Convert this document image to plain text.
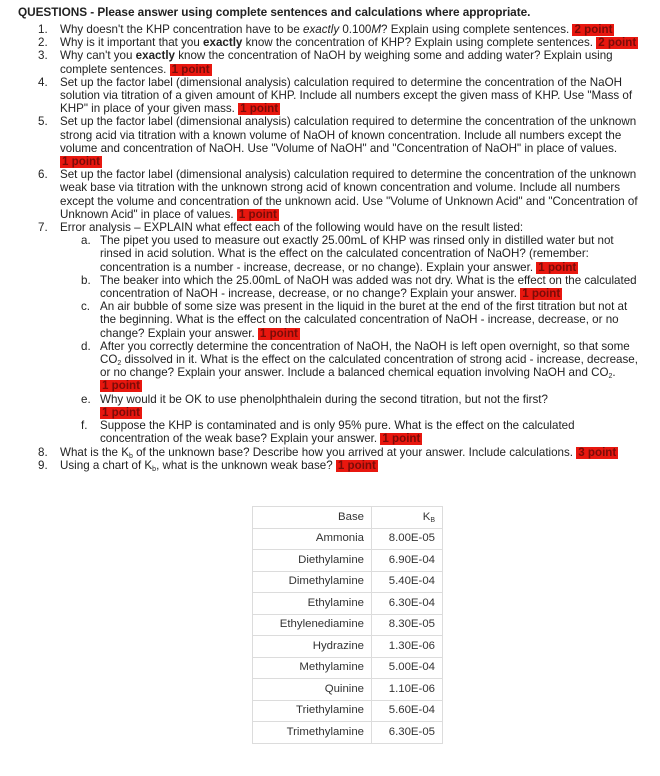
QUESTIONS - Please answer using complete sentences and calculations where appropriate.
1.	Why doesn't the KHP concentration have to be exactly 0.100M? Explain using complete sentences. 2 point
2.	Why is it important that you exactly know the concentration of KHP? Explain using complete sentences. 2 point
3.	Why can't you exactly know the concentration of NaOH by weighing some and adding water? Explain using complete sentences. 1 point
4.	Set up the factor label (dimensional analysis) calculation required to determine the concentration of the NaOH solution via titration of a given amount of KHP. Include all numbers except the given mass of KHP. Use "Mass of KHP" in place of your given mass. 1 point
5.	Set up the factor label (dimensional analysis) calculation required to determine the concentration of the unknown strong acid via titration with a known volume of NaOH of known concentration. Include all numbers except the volume and concentration of NaOH. Use "Volume of NaOH" and "Concentration of NaOH" in place of values.
1 point
6.	Set up the factor label (dimensional analysis) calculation required to determine the concentration of the unknown weak base via titration with the unknown strong acid of known concentration and volume. Include all numbers except the volume and concentration of the unknown acid. Use "Volume of Unknown Acid" and "Concentration of Unknown Acid" in place of values. 1 point
7.	Error analysis – EXPLAIN what effect each of the following would have on the result listed:
a. The pipet you used to measure out exactly 25.00mL of KHP was rinsed only in distilled water but not rinsed in acid solution. What is the effect on the calculated concentration of NaOH? (remember: concentration is a number - increase, decrease, or no change). Explain your answer. 1 point
b. The beaker into which the 25.00mL of NaOH was added was not dry. What is the effect on the calculated concentration of NaOH - increase, decrease, or no change? Explain your answer. 1 point
c. An air bubble of some size was present in the liquid in the buret at the end of the first titration but not at the beginning. What is the effect on the calculated concentration of NaOH - increase, decrease, or no change? Explain your answer. 1 point
d. After you correctly determine the concentration of NaOH, the NaOH is left open overnight, so that some $CO_2$ dissolved in it. What is the effect on the calculated concentration of strong acid - increase, decrease, or no change? Explain your answer. Include a balanced chemical equation involving NaOH and $CO_2$.
1 point
e. Why would it be OK to use phenolphthalein during the second titration, but not the first?
1 point
f. Suppose the KHP is contaminated and is only 95% pure. What is the effect on the calculated concentration of the weak base? Explain your answer. 1 point
8.	What is the $K_b$ of the unknown base? Describe how you arrived at your answer. Include calculations. 3 point
9.	Using a chart of $K_b$, what is the unknown weak base? 1 point
Base	$K_B$
Ammonia	8.00E-05
Diethylamine	6.90E-04
Dimethylamine	5.40E-04
Ethylamine	6.30E-04
Ethylenediamine	8.30E-05
Hydrazine	1.30E-06
Methylamine	5.00E-04
Quinine	1.10E-06
Triethylamine	5.60E-04
Trimethylamine	6.30E-05
